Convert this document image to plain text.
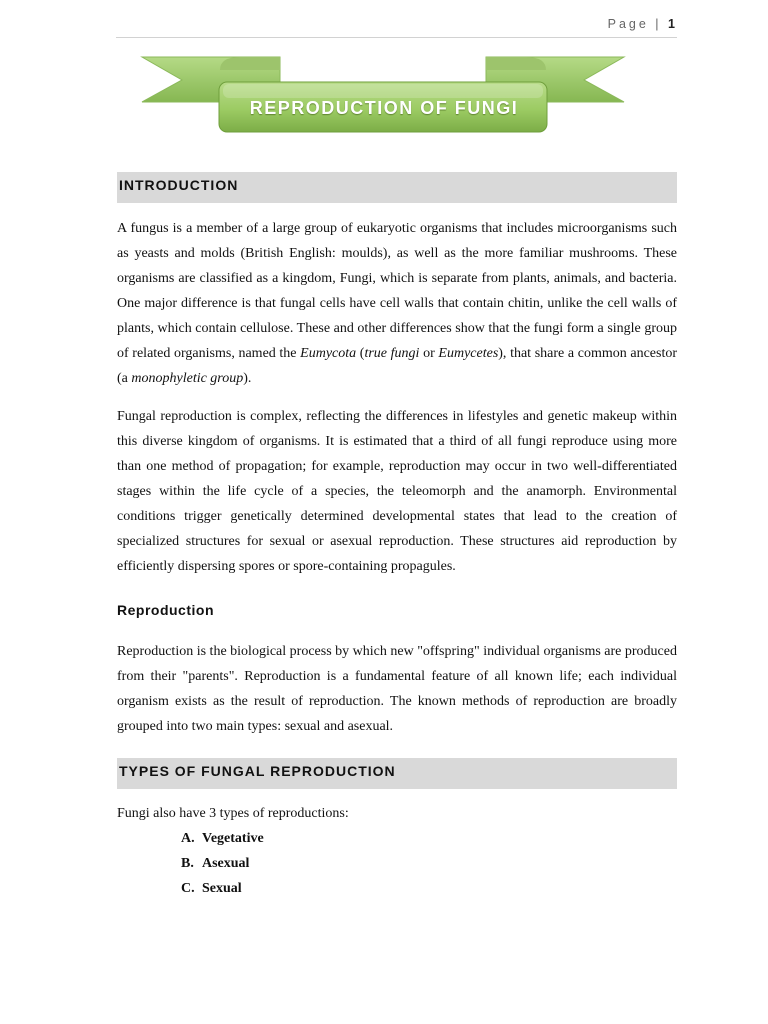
Page | 1
REPRODUCTION OF FUNGI
INTRODUCTION

A fungus is a member of a large group of eukaryotic organisms that includes microorganisms such as yeasts and molds (British English: moulds), as well as the more familiar mushrooms. These organisms are classified as a kingdom, Fungi, which is separate from plants, animals, and bacteria. One major difference is that fungal cells have cell walls that contain chitin, unlike the cell walls of plants, which contain cellulose. These and other differences show that the fungi form a single group of related organisms, named the Eumycota (true fungi or Eumycetes), that share a common ancestor (a monophyletic group).

Fungal reproduction is complex, reflecting the differences in lifestyles and genetic makeup within this diverse kingdom of organisms. It is estimated that a third of all fungi reproduce using more than one method of propagation; for example, reproduction may occur in two well-differentiated stages within the life cycle of a species, the teleomorph and the anamorph. Environmental conditions trigger genetically determined developmental states that lead to the creation of specialized structures for sexual or asexual reproduction. These structures aid reproduction by efficiently dispersing spores or spore-containing propagules.

Reproduction

Reproduction is the biological process by which new "offspring" individual organisms are produced from their "parents". Reproduction is a fundamental feature of all known life; each individual organism exists as the result of reproduction. The known methods of reproduction are broadly grouped into two main types: sexual and asexual.

TYPES OF FUNGAL REPRODUCTION

Fungi also have 3 types of reproductions:

A. Vegetative
B. Asexual
C. Sexual
